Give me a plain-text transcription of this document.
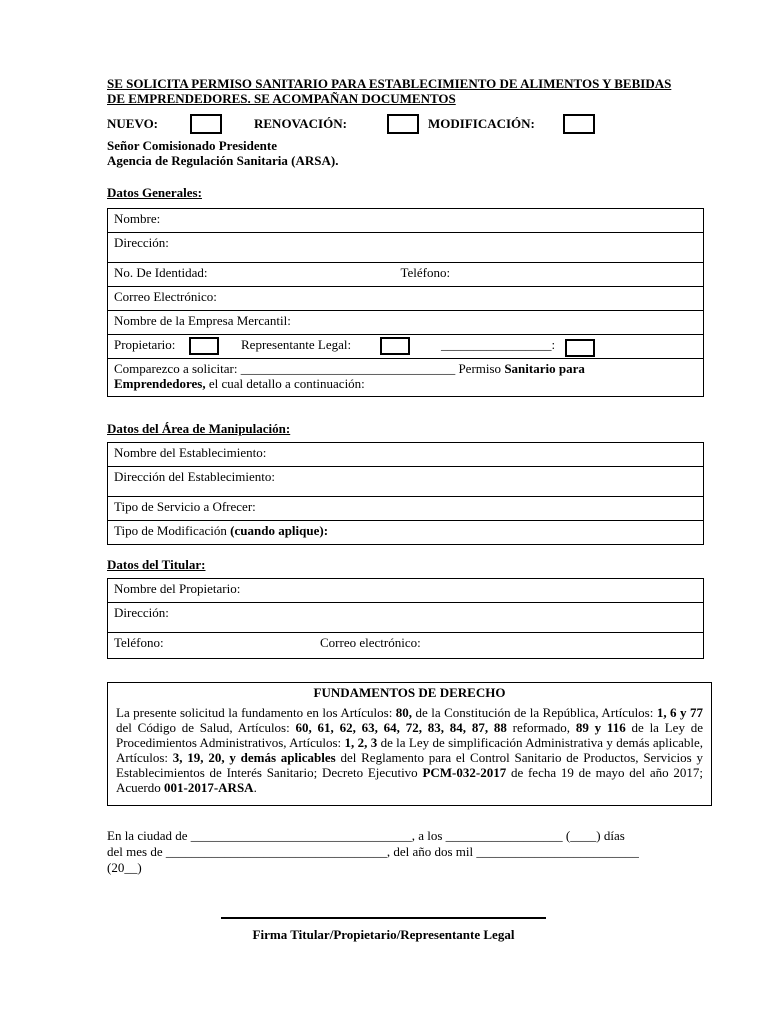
SE SOLICITA PERMISO SANITARIO PARA ESTABLECIMIENTO DE ALIMENTOS Y BEBIDAS DE EMPRENDEDORES. SE ACOMPAÑAN DOCUMENTOS
NUEVO:	RENOVACIÓN:	MODIFICACIÓN:
Señor Comisionado Presidente
Agencia de Regulación Sanitaria (ARSA).
Datos Generales:
Nombre:
Dirección:
No. De Identidad:	Teléfono:

Correo Electrónico:
Nombre de la Empresa Mercantil:
Propietario:	Representante Legal:	_________________:

Comparezco a solicitar: _________________________________ Permiso Sanitario para
Emprendedores, el cual detallo a continuación:
Datos del Área de Manipulación:
Nombre del Establecimiento:
Dirección del Establecimiento:
Tipo de Servicio a Ofrecer:
Tipo de Modificación (cuando aplique):
Datos del Titular:
Nombre del Propietario:
Dirección:
Teléfono:	Correo electrónico:
FUNDAMENTOS DE DERECHO
La presente solicitud la fundamento en los Artículos: 80, de la Constitución de la República, Artículos: 1, 6 y 77 del Código de Salud, Artículos: 60, 61, 62, 63, 64, 72, 83, 84, 87, 88 reformado, 89 y 116 de la Ley de Procedimientos Administrativos, Artículos: 1, 2, 3 de la Ley de simplificación Administrativa y demás aplicable, Artículos: 3, 19, 20, y demás aplicables del Reglamento para el Control Sanitario de Productos, Servicios y Establecimientos de Interés Sanitario; Decreto Ejecutivo PCM-032-2017 de fecha 19 de mayo del año 2017; Acuerdo 001-2017-ARSA.
En la ciudad de __________________________________, a los __________________ (____) días
del mes de __________________________________, del año dos mil _________________________
(20__)
Firma Titular/Propietario/Representante Legal
